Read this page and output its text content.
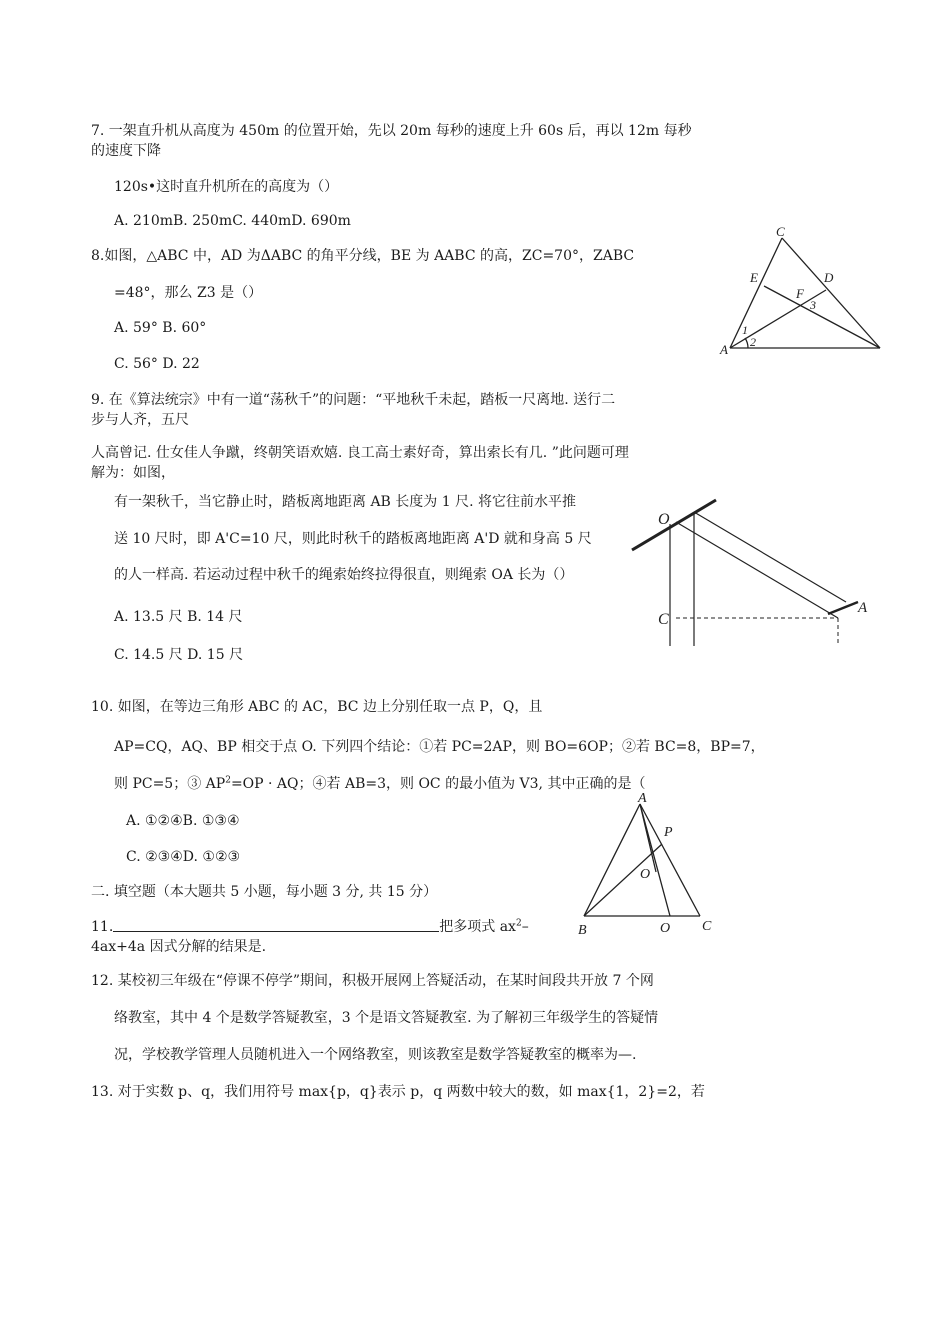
7. 一架直升机从高度为 450m 的位置开始，先以 20m 每秒的速度上升 60s 后，再以 12m 每秒
的速度下降
120s•这时直升机所在的高度为（）
A. 210mB. 250mC. 440mD. 690m
8.如图，△ABC 中，AD 为ΔABC 的角平分线，BE 为 AABC 的高，ZC=70°，ZABC
=48°，那么 Z3 是（）
A. 59° B. 60°
C. 56° D. 22
C
E	D
F
3
1
2
A
9. 在《算法统宗》中有一道“荡秋千”的问题：“平地秋千未起，踏板一尺离地. 送行二
步与人齐，五尺
人高曾记. 仕女佳人争蹴，终朝笑语欢嬉. 良工高士素好奇，算出索长有几. ”此问题可理
解为：如图，
有一架秋千，当它静止时，踏板离地距离 AB 长度为 1 尺. 将它往前水平推
送 10 尺时，即 A'C=10 尺，则此时秋千的踏板离地距离 A'D 就和身高 5 尺
的人一样高. 若运动过程中秋千的绳索始终拉得很直，则绳索 OA 长为（）
A. 13.5 尺 B. 14 尺
C. 14.5 尺 D. 15 尺
O
C
A
10. 如图，在等边三角形 ABC 的 AC，BC 边上分别任取一点 P，Q，且
AP=CQ，AQ、BP 相交于点 O. 下列四个结论：①若 PC=2AP，则 BO=6OP；②若 BC=8，BP=7，
则 PC=5；③ $AP^2=OP$ · AQ；④若 AB=3，则 OC 的最小值为 V3, 其中正确的是（
A. ①②④B. ①③④
C. ②③④D. ①②③
A
P
O
B	O C
二. 填空题（本大题共 5 小题，每小题 3 分, 共 15 分）
11.	把多项式 $ax^2-$
4ax+4a 因式分解的结果是.
12. 某校初三年级在“停课不停学”期间，积极开展网上答疑活动，在某时间段共开放 7 个网
络教室，其中 4 个是数学答疑教室，3 个是语文答疑教室. 为了解初三年级学生的答疑情
况，学校教学管理人员随机进入一个网络教室，则该教室是数学答疑教室的概率为—.
13. 对于实数 p、q，我们用符号 max{p，q}表示 p，q 两数中较大的数，如 max{1，2}=2，若
